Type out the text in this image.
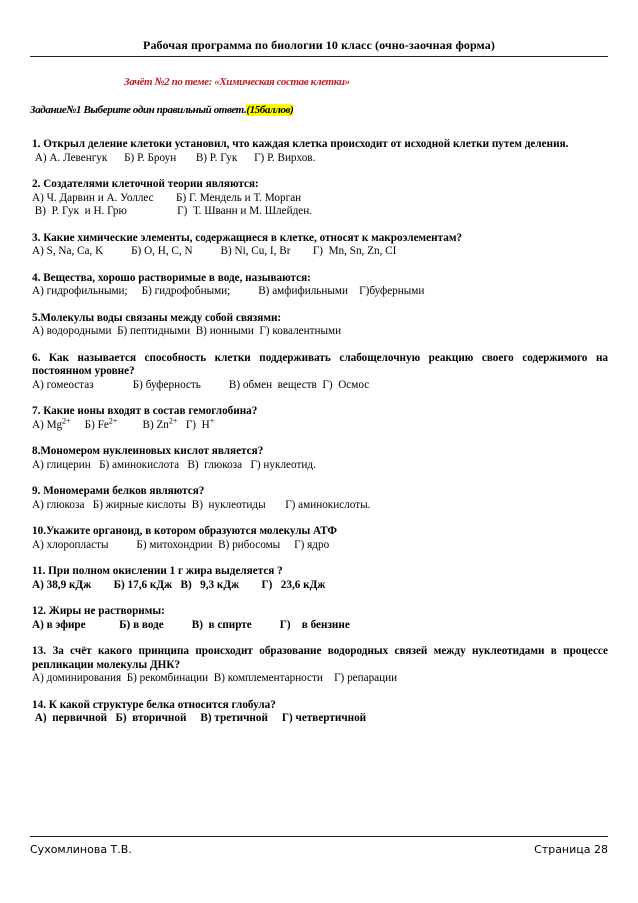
Рабочая программа по биологии 10 класс (очно-заочная форма)
Зачёт №2 по теме: «Химическая состав клетки»
Задание№1 Выберите один правильный ответ.(15баллов)
1. Открыл деление клетоки установил, что каждая клетка происходит от исходной клетки путем деления.
А) А. Левенгук      Б) Р. Броун       В) Р. Гук      Г) Р. Вирхов.
2. Создателями клеточной теории являются:
А) Ч. Дарвин и А. Уоллес        Б) Г. Мендель и Т. Морган
В)  Р. Гук  и Н. Грю                  Г)  Т. Шванн и М. Шлейден.
3. Какие химические элементы, содержащиеся в клетке, относят к макроэлементам?
А) S, Na, Ca, K          Б) О, Н, С, N          В) Ni, Cu, I, Br        Г)  Mn, Sn, Zn, CI
4. Вещества, хорошо растворимые в воде, называются:
А) гидрофильными;     Б) гидрофобными;          В) амфифильными    Г)буферными
5.Молекулы воды связаны между собой связями:
А) водородными  Б) пептидными  В) ионными  Г) ковалентными
6. Как называется способность клетки поддерживать слабощелочную реакцию своего содержимого на постоянном уровне?
А) гомеостаз              Б) буферность          В) обмен  веществ  Г)  Осмос
7. Какие ионы входят в состав гемоглобина?
А) $Mg^{2+}$     Б) $Fe^{2+}$         В) $Zn^{2+}$   Г)  H+
8.Мономером нуклеиновых кислот является?
А) глицерин   Б) аминокислота   В)  глюкоза   Г) нуклеотид.
9. Мономерами белков являются?
А) глюкоза   Б) жирные кислоты  В)  нуклеотиды       Г) аминокислоты.
10.Укажите органоид, в котором образуются молекулы АТФ
А) хлоропласты          Б) митохондрии  В) рибосомы     Г) ядро
11. При полном окислении 1 г жира выделяется ?
А) 38,9 кДж        Б) 17,6 кДж   В)   9,3 кДж        Г)   23,6 кДж
12. Жиры не растворимы:
А) в эфире            Б) в воде          В)  в спирте          Г)    в бензине
13. За счёт какого принципа происходит образование водородных связей между нуклеотидами в процессе репликации молекулы ДНК?
А) доминирования  Б) рекомбинации  В) комплементарности    Г) репарации
14. К какой структуре белка относится глобула?
А)  первичной   Б)  вторичной     В) третичной     Г) четвертичной
Сухомлинова Т.В.	Страница 28
